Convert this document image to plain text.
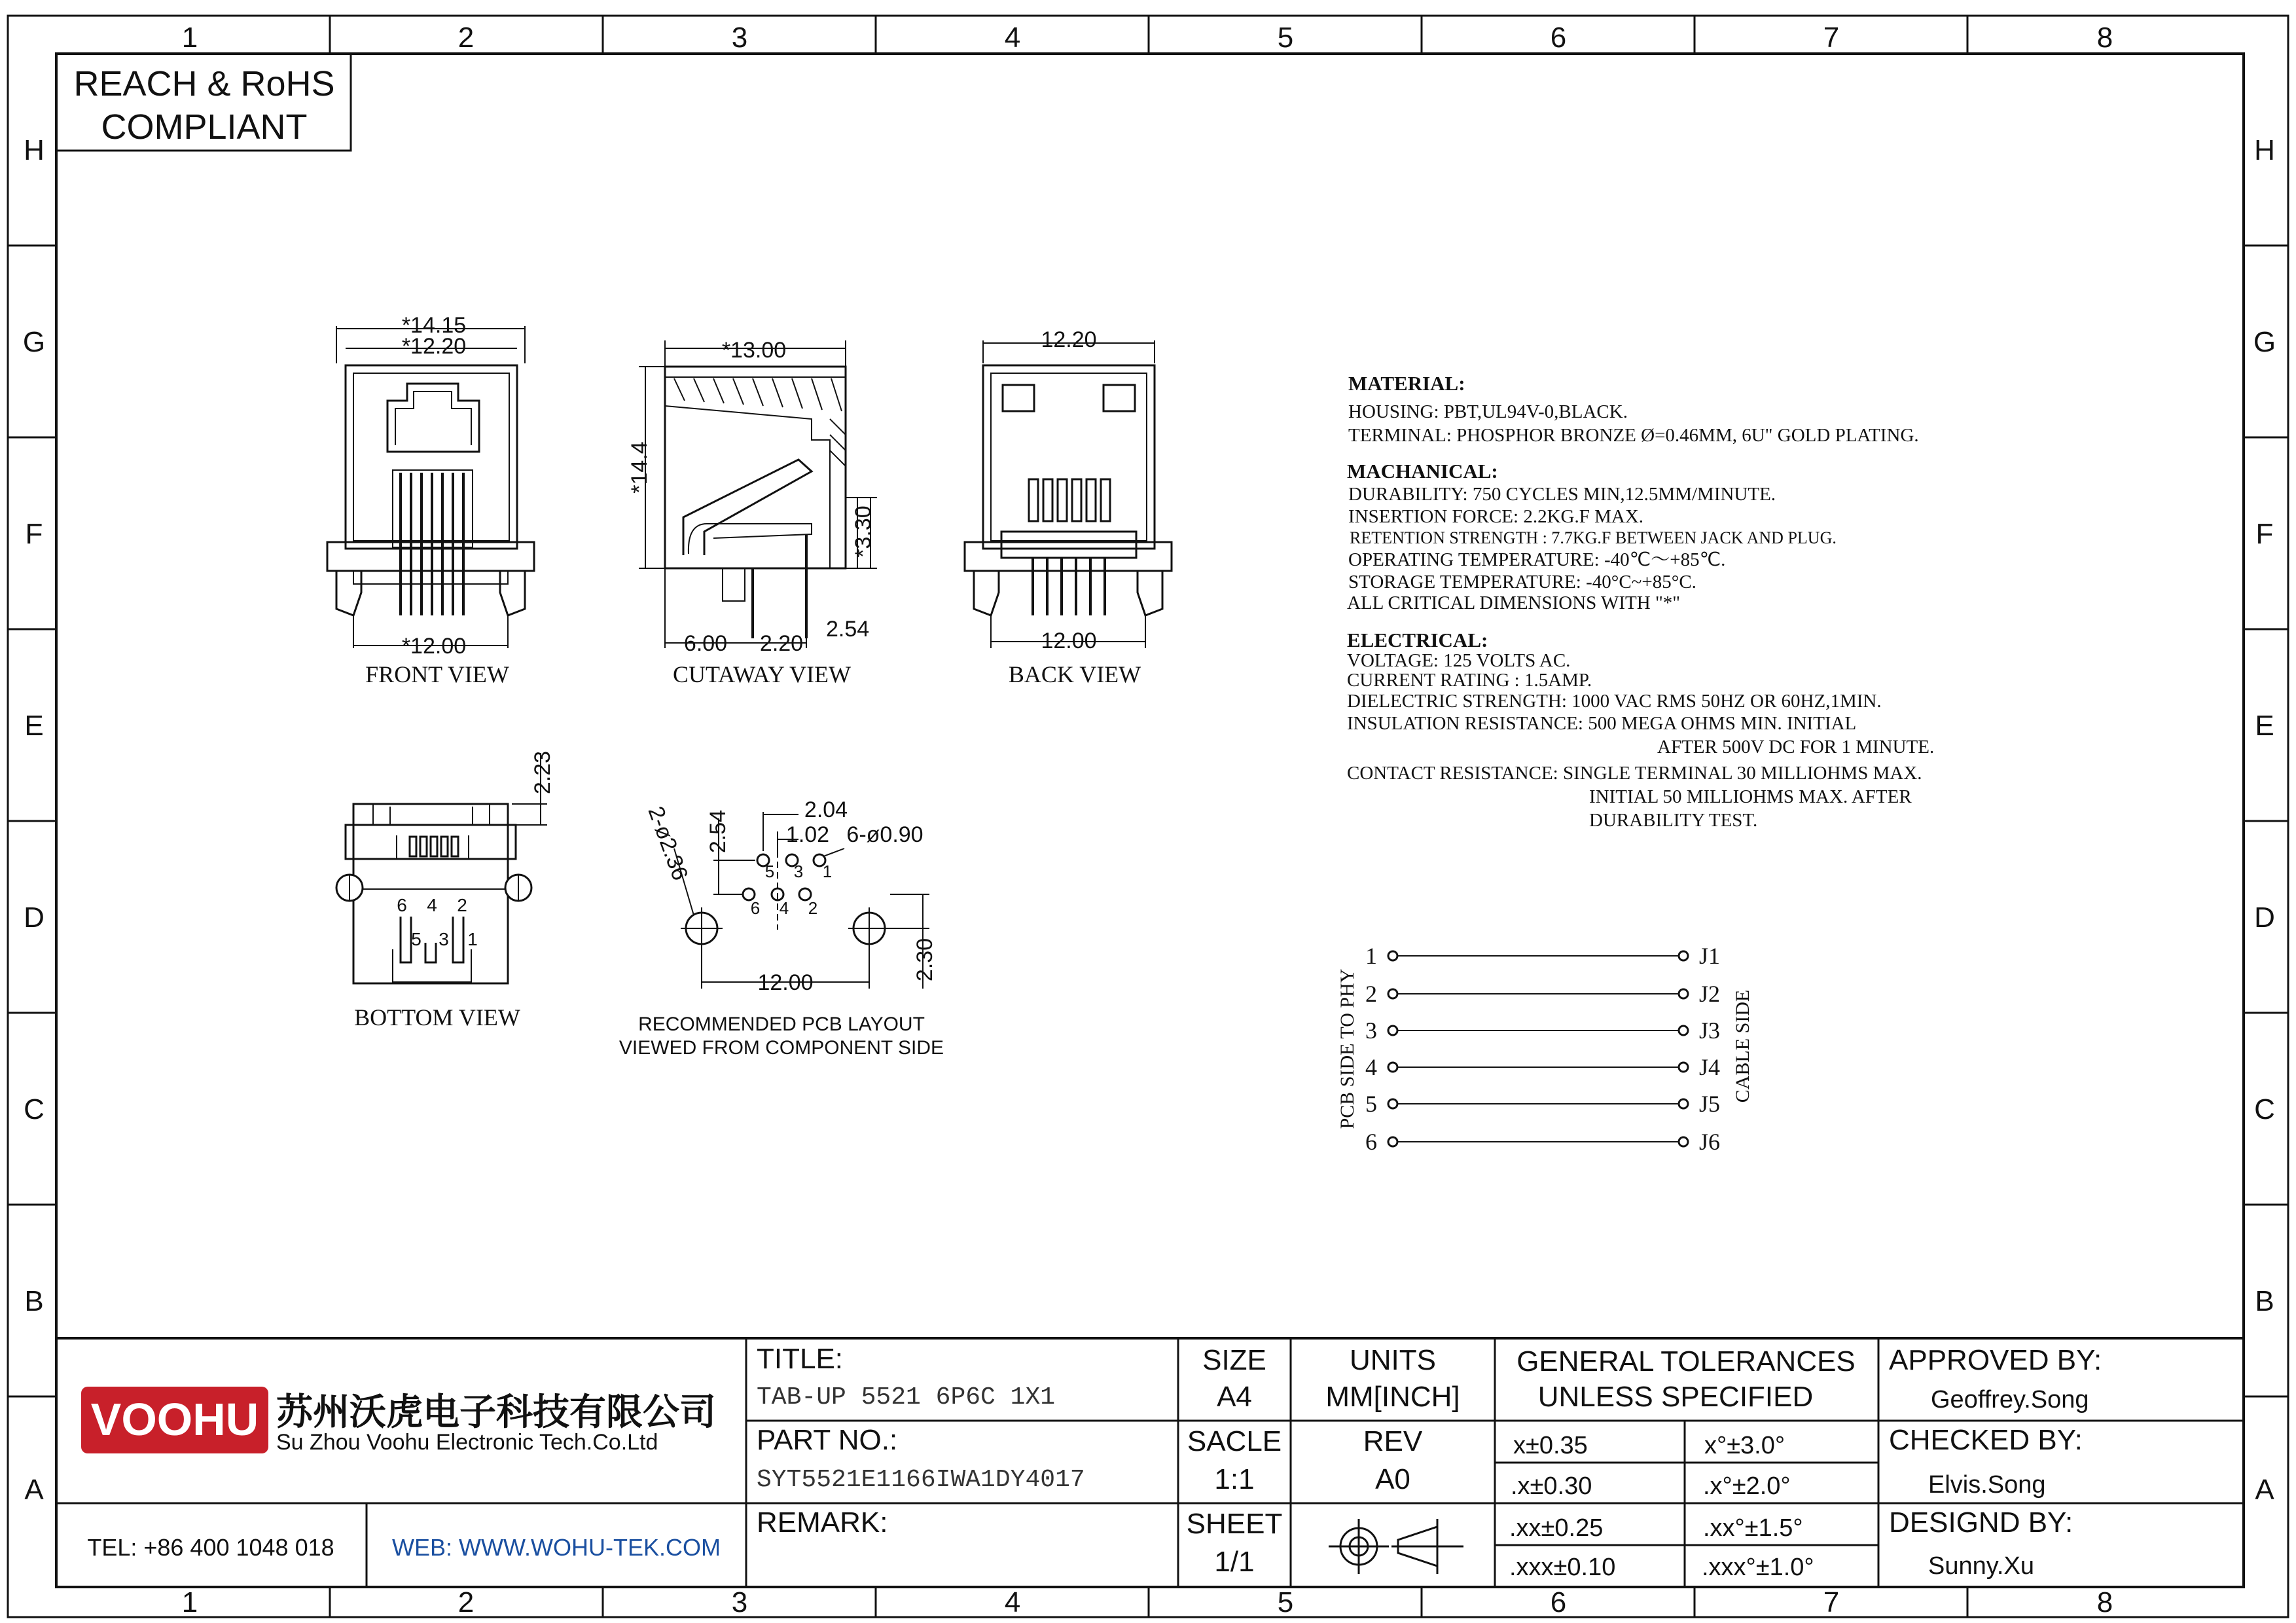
1	2	3	4	5	6	7	8
1	2	3	4	5	6	7	8
H
G
F
E
D
C
B
A
H
G
F
E
D
C
B
A
REACH & RoHS
COMPLIANT
*14.15
*12.20
*12.00
FRONT VIEW
*13.00
*14.4
*3.30
6.00 2.20
2.54
CUTAWAY VIEW
12.20
12.00
BACK VIEW
2.23
6 4 2
5 3 1
BOTTOM VIEW
5 3 1
6 4 2
2-ø2.36 2.54	2.04
1.02 6-ø0.90
12.00
2.30
RECOMMENDED PCB LAYOUT
VIEWED FROM COMPONENT SIDE
MATERIAL:
HOUSING: PBT,UL94V-0,BLACK.
TERMINAL: PHOSPHOR BRONZE Ø=0.46MM, 6U" GOLD PLATING.
MACHANICAL:
DURABILITY: 750 CYCLES MIN,12.5MM/MINUTE.
INSERTION FORCE: 2.2KG.F MAX.
RETENTION STRENGTH : 7.7KG.F BETWEEN JACK AND PLUG.
OPERATING TEMPERATURE: -40℃～+85℃.
STORAGE TEMPERATURE: -40°C~+85°C.
ALL CRITICAL DIMENSIONS WITH "*"
ELECTRICAL:
VOLTAGE: 125 VOLTS AC.
CURRENT RATING : 1.5AMP.
DIELECTRIC STRENGTH: 1000 VAC RMS 50HZ OR 60HZ,1MIN.
INSULATION RESISTANCE: 500 MEGA OHMS MIN. INITIAL
AFTER 500V DC FOR 1 MINUTE.
CONTACT RESISTANCE: SINGLE TERMINAL 30 MILLIOHMS MAX.
INITIAL 50 MILLIOHMS MAX. AFTER
DURABILITY TEST.
1
2
3
4
5
6
J1
J2
J3
J4
J5
J6
PCB SIDE TO PHY	CABLE SIDE
VOOHU 苏州沃虎电子科技有限公司
Su Zhou Voohu Electronic Tech.Co.Ltd
TEL: +86 400 1048 018 WEB: WWW.WOHU-TEK.COM
TITLE:
TAB-UP 5521 6P6C 1X1
PART NO.:
SYT5521E1166IWA1DY4017
REMARK:
SIZE
A4
SACLE
1:1
SHEET
1/1
UNITS
MM[INCH]
REV
A0
GENERAL TOLERANCES
UNLESS SPECIFIED
x±0.35	x°±3.0°
.x±0.30	.x°±2.0°
.xx±0.25	.xx°±1.5°
.xxx±0.10	.xxx°±1.0°
APPROVED BY:
Geoffrey.Song
CHECKED BY:
Elvis.Song
DESIGND BY:
Sunny.Xu
